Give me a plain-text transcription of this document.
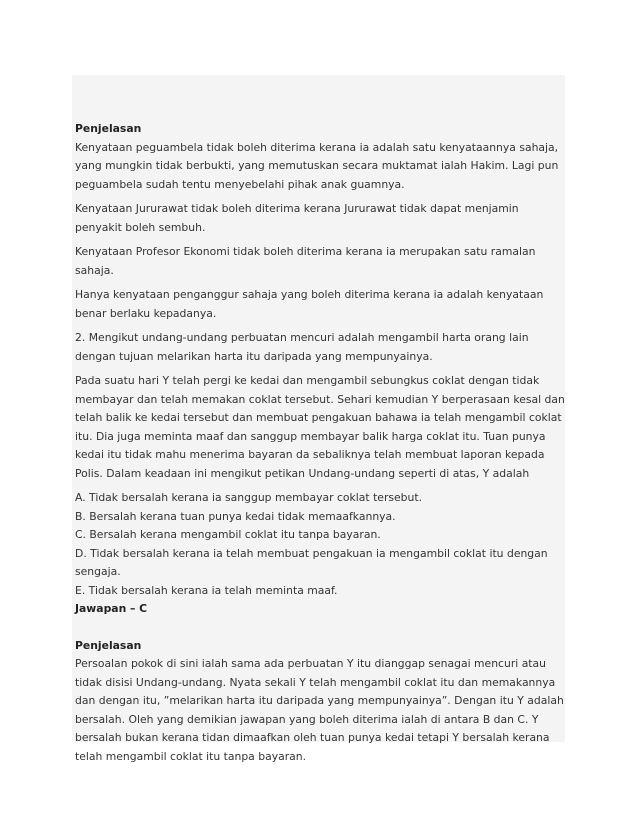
Penjelasan

Kenyataan peguambela tidak boleh diterima kerana ia adalah satu kenyataannya sahaja, yang mungkin tidak berbukti, yang memutuskan secara muktamat ialah Hakim. Lagi pun peguambela sudah tentu menyebelahi pihak anak guamnya.

Kenyataan Jururawat tidak boleh diterima kerana Jururawat tidak dapat menjamin penyakit boleh sembuh.

Kenyataan Profesor Ekonomi tidak boleh diterima kerana ia merupakan satu ramalan sahaja.

Hanya kenyataan penganggur sahaja yang boleh diterima kerana ia adalah kenyataan benar berlaku kepadanya.

2. Mengikut undang-undang perbuatan mencuri adalah mengambil harta orang lain dengan tujuan melarikan harta itu daripada yang mempunyainya.

Pada suatu hari Y telah pergi ke kedai dan mengambil sebungkus coklat dengan tidak membayar dan telah memakan coklat tersebut. Sehari kemudian Y berperasaan kesal dan telah balik ke kedai tersebut dan membuat pengakuan bahawa ia telah mengambil coklat itu. Dia juga meminta maaf dan sanggup membayar balik harga coklat itu. Tuan punya kedai itu tidak mahu menerima bayaran da sebaliknya telah membuat laporan kepada Polis. Dalam keadaan ini mengikut petikan Undang-undang seperti di atas, Y adalah

A. Tidak bersalah kerana ia sanggup membayar coklat tersebut.

B. Bersalah kerana tuan punya kedai tidak memaafkannya.

C. Bersalah kerana mengambil coklat itu tanpa bayaran.

D. Tidak bersalah kerana ia telah membuat pengakuan ia mengambil coklat itu dengan sengaja.

E. Tidak bersalah kerana ia telah meminta maaf.

Jawapan – C

Penjelasan

Persoalan pokok di sini ialah sama ada perbuatan Y itu dianggap senagai mencuri atau tidak disisi Undang-undang. Nyata sekali Y telah mengambil coklat itu dan memakannya dan dengan itu, ”melarikan harta itu daripada yang mempunyainya”. Dengan itu Y adalah bersalah. Oleh yang demikian jawapan yang boleh diterima ialah di antara B dan C. Y bersalah bukan kerana tidan dimaafkan oleh tuan punya kedai tetapi Y bersalah kerana telah mengambil coklat itu tanpa bayaran.
